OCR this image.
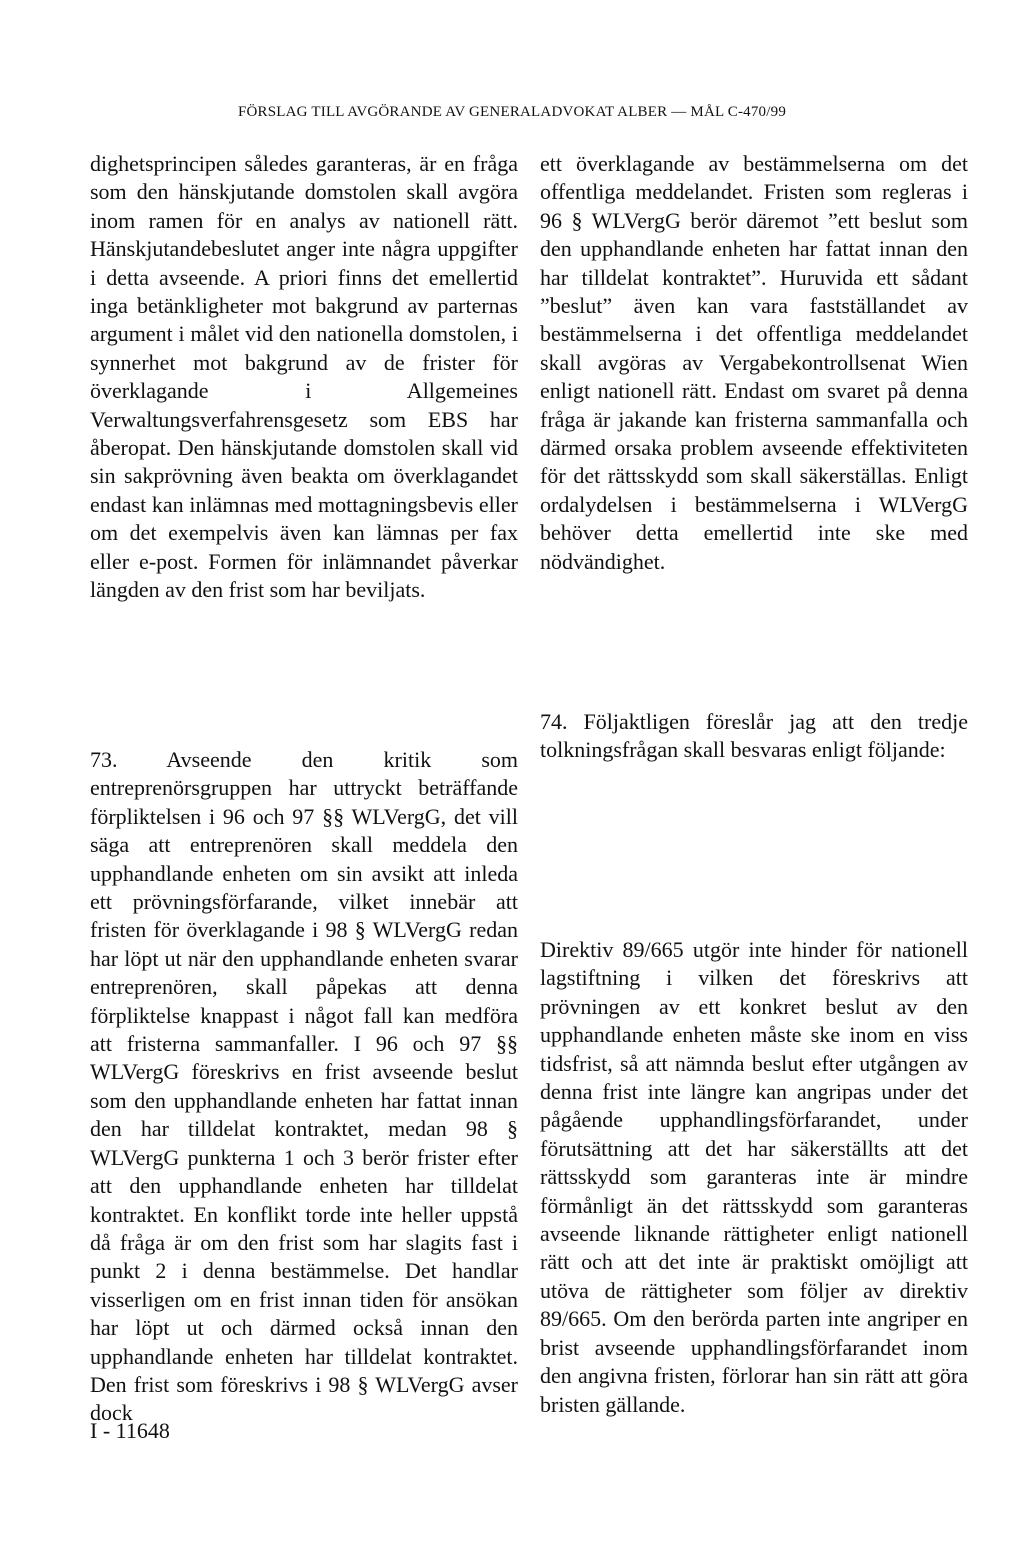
FÖRSLAG TILL AVGÖRANDE AV GENERALADVOKAT ALBER — MÅL C-470/99

dighetsprincipen således garanteras, är en fråga som den hänskjutande domstolen skall avgöra inom ramen för en analys av nationell rätt. Hänskjutandebeslutet anger inte några uppgifter i detta avseende. A priori finns det emellertid inga betänkligheter mot bakgrund av parternas argument i målet vid den nationella domstolen, i synnerhet mot bakgrund av de frister för överklagande i Allgemeines Verwaltungsverfahrensgesetz som EBS har åberopat. Den hänskjutande domstolen skall vid sin sakprövning även beakta om överklagandet endast kan inlämnas med mottagningsbevis eller om det exempelvis även kan lämnas per fax eller e-post. Formen för inlämnandet påverkar längden av den frist som har beviljats.

73. Avseende den kritik som entreprenörsgruppen har uttryckt beträffande förpliktelsen i 96 och 97 §§ WLVergG, det vill säga att entreprenören skall meddela den upphandlande enheten om sin avsikt att inleda ett prövningsförfarande, vilket innebär att fristen för överklagande i 98 § WLVergG redan har löpt ut när den upphandlande enheten svarar entreprenören, skall påpekas att denna förpliktelse knappast i något fall kan medföra att fristerna sammanfaller. I 96 och 97 §§ WLVergG föreskrivs en frist avseende beslut som den upphandlande enheten har fattat innan den har tilldelat kontraktet, medan 98 § WLVergG punkterna 1 och 3 berör frister efter att den upphandlande enheten har tilldelat kontraktet. En konflikt torde inte heller uppstå då fråga är om den frist som har slagits fast i punkt 2 i denna bestämmelse. Det handlar visserligen om en frist innan tiden för ansökan har löpt ut och därmed också innan den upphandlande enheten har tilldelat kontraktet. Den frist som föreskrivs i 98 § WLVergG avser dock

ett överklagande av bestämmelserna om det offentliga meddelandet. Fristen som regleras i 96 § WLVergG berör däremot ”ett beslut som den upphandlande enheten har fattat innan den har tilldelat kontraktet”. Huruvida ett sådant ”beslut” även kan vara fastställandet av bestämmelserna i det offentliga meddelandet skall avgöras av Vergabekontrollsenat Wien enligt nationell rätt. Endast om svaret på denna fråga är jakande kan fristerna sammanfalla och därmed orsaka problem avseende effektiviteten för det rättsskydd som skall säkerställas. Enligt ordalydelsen i bestämmelserna i WLVergG behöver detta emellertid inte ske med nödvändighet.

74. Följaktligen föreslår jag att den tredje tolkningsfrågan skall besvaras enligt följande:

Direktiv 89/665 utgör inte hinder för nationell lagstiftning i vilken det föreskrivs att prövningen av ett konkret beslut av den upphandlande enheten måste ske inom en viss tidsfrist, så att nämnda beslut efter utgången av denna frist inte längre kan angripas under det pågående upphandlingsförfarandet, under förutsättning att det har säkerställts att det rättsskydd som garanteras inte är mindre förmånligt än det rättsskydd som garanteras avseende liknande rättigheter enligt nationell rätt och att det inte är praktiskt omöjligt att utöva de rättigheter som följer av direktiv 89/665. Om den berörda parten inte angriper en brist avseende upphandlingsförfarandet inom den angivna fristen, förlorar han sin rätt att göra bristen gällande.

I - 11648
